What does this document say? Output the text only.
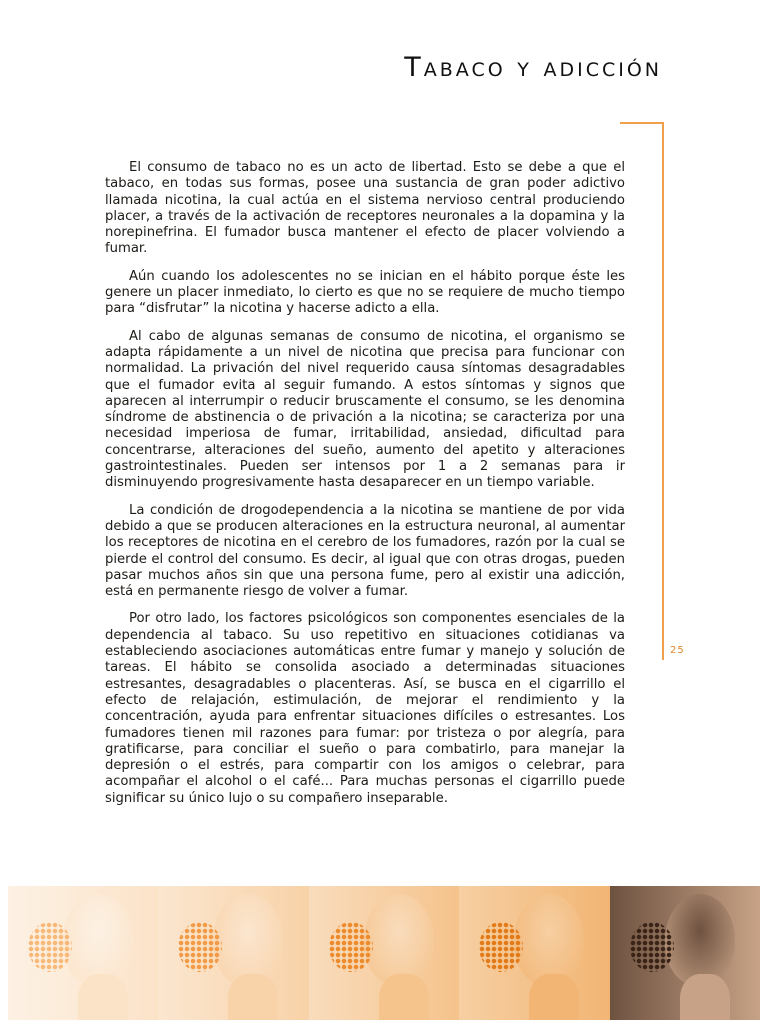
Tabaco y adicción
25

El consumo de tabaco no es un acto de libertad. Esto se debe a que el tabaco, en todas sus formas, posee una sustancia de gran poder adictivo llamada nicotina, la cual actúa en el sistema nervioso central produciendo placer, a través de la activación de receptores neuronales a la dopamina y la norepinefrina. El fumador busca mantener el efecto de placer volviendo a fumar.

Aún cuando los adolescentes no se inician en el hábito porque éste les genere un placer inmediato, lo cierto es que no se requiere de mucho tiempo para “disfrutar” la nicotina y hacerse adicto a ella.

Al cabo de algunas semanas de consumo de nicotina, el organismo se adapta rápidamente a un nivel de nicotina que precisa para funcionar con normalidad. La privación del nivel requerido causa síntomas desagradables que el fumador evita al seguir fumando. A estos síntomas y signos que aparecen al interrumpir o reducir bruscamente el consumo, se les denomina síndrome de abstinencia o de privación a la nicotina; se caracteriza por una necesidad imperiosa de fumar, irritabilidad, ansiedad, dificultad para concentrarse, alteraciones del sueño, aumento del apetito y alteraciones gastrointestinales. Pueden ser intensos por 1 a 2 semanas para ir disminuyendo progresivamente hasta desaparecer en un tiempo variable.

La condición de drogodependencia a la nicotina se mantiene de por vida debido a que se producen alteraciones en la estructura neuronal, al aumentar los receptores de nicotina en el cerebro de los fumadores, razón por la cual se pierde el control del consumo. Es decir, al igual que con otras drogas, pueden pasar muchos años sin que una persona fume, pero al existir una adicción, está en permanente riesgo de volver a fumar.

Por otro lado, los factores psicológicos son componentes esenciales de la dependencia al tabaco. Su uso repetitivo en situaciones cotidianas va estableciendo asociaciones automáticas entre fumar y manejo y solución de tareas. El hábito se consolida asociado a determinadas situaciones estresantes, desagradables o placenteras. Así, se busca en el cigarrillo el efecto de relajación, estimulación, de mejorar el rendimiento y la concentración, ayuda para enfrentar situaciones difíciles o estresantes. Los fumadores tienen mil razones para fumar: por tristeza o por alegría, para gratificarse, para conciliar el sueño o para combatirlo, para manejar la depresión o el estrés, para compartir con los amigos o celebrar, para acompañar el alcohol o el café... Para muchas personas el cigarrillo puede significar su único lujo o su compañero inseparable.
